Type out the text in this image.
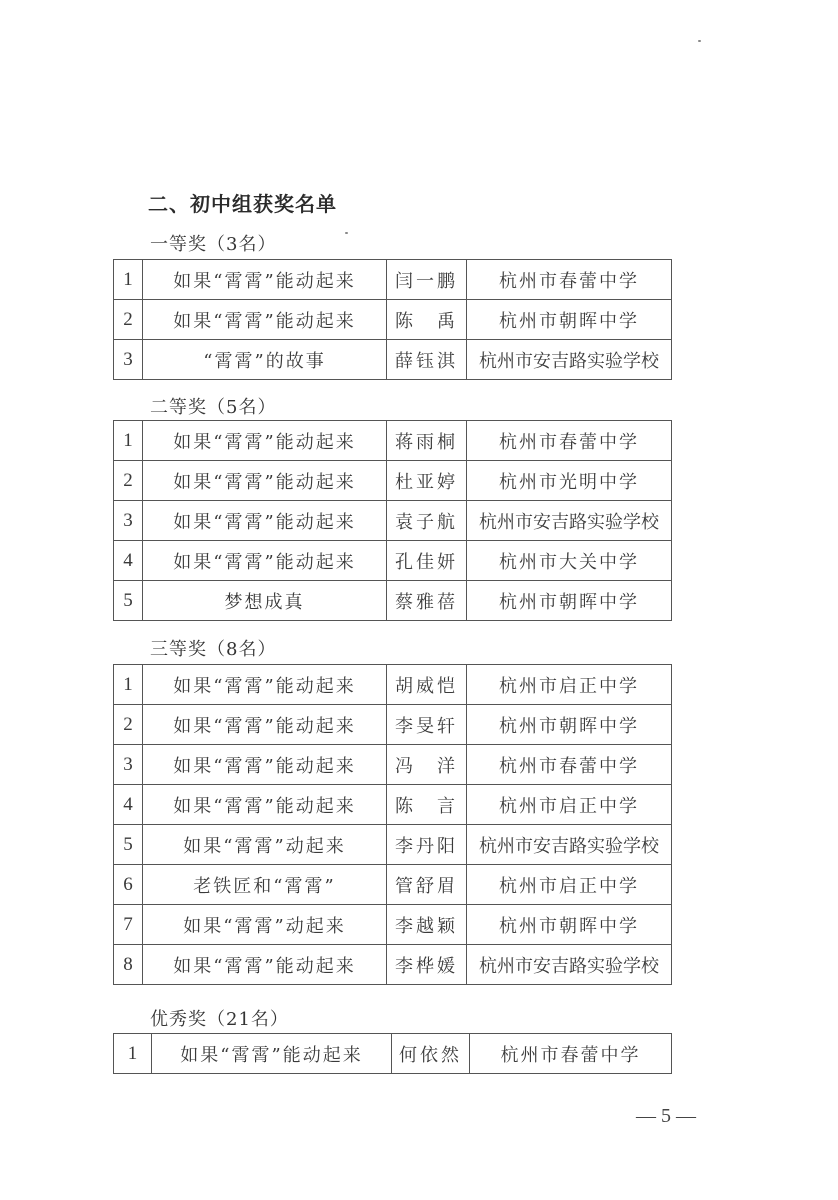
二、初中组获奖名单
一等奖（3名）
1	如果“霄霄”能动起来	闫一鹏	杭州市春蕾中学
2	如果“霄霄”能动起来	陈　禹	杭州市朝晖中学
3	“霄霄”的故事	薛钰淇	杭州市安吉路实验学校
二等奖（5名）
1	如果“霄霄”能动起来	蒋雨桐	杭州市春蕾中学
2	如果“霄霄”能动起来	杜亚婷	杭州市光明中学
3	如果“霄霄”能动起来	袁子航	杭州市安吉路实验学校
4	如果“霄霄”能动起来	孔佳妍	杭州市大关中学
5	梦想成真	蔡雅蓓	杭州市朝晖中学
三等奖（8名）
1	如果“霄霄”能动起来	胡威恺	杭州市启正中学
2	如果“霄霄”能动起来	李旻轩	杭州市朝晖中学
3	如果“霄霄”能动起来	冯　洋	杭州市春蕾中学
4	如果“霄霄”能动起来	陈　言	杭州市启正中学
5	如果“霄霄”动起来	李丹阳	杭州市安吉路实验学校
6	老铁匠和“霄霄”	管舒眉	杭州市启正中学
7	如果“霄霄”动起来	李越颖	杭州市朝晖中学
8	如果“霄霄”能动起来	李桦媛	杭州市安吉路实验学校
优秀奖（21名）
1	如果“霄霄”能动起来	何依然	杭州市春蕾中学
— 5 —
